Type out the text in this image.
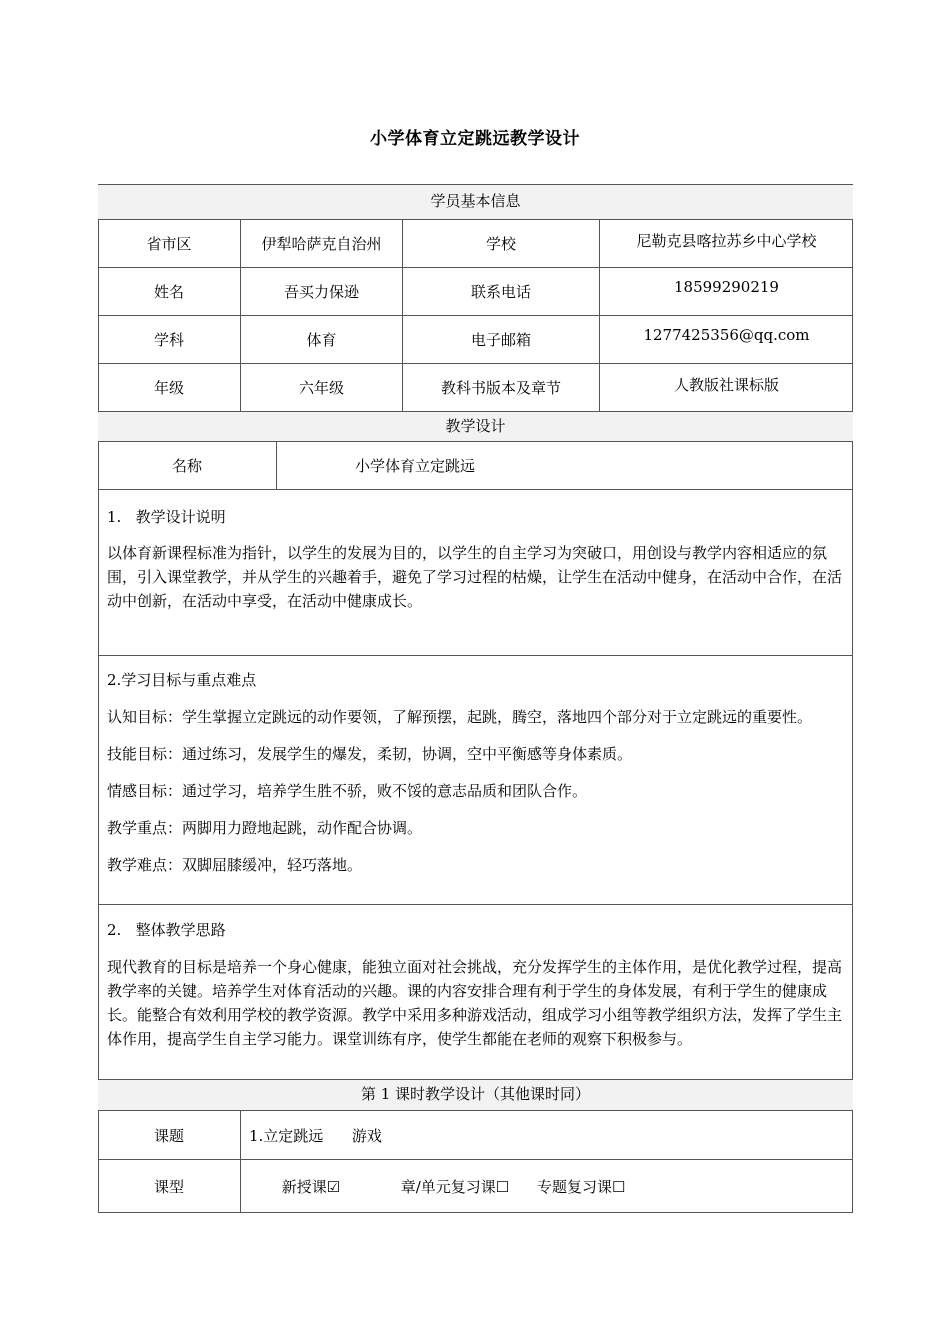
小学体育立定跳远教学设计
学员基本信息
省市区	伊犁哈萨克自治州	学校	尼勒克县喀拉苏乡中心学校
姓名	吾买力保逊	联系电话	18599290219
学科	体育	电子邮箱	1277425356@qq.com
年级	六年级	教科书版本及章节	人教版社课标版
教学设计
名称	小学体育立定跳远

1.   教学设计说明

以体育新课程标准为指针，以学生的发展为目的，以学生的自主学习为突破口，用创设与教学内容相适应的氛围，引入课堂教学，并从学生的兴趣着手，避免了学习过程的枯燥，让学生在活动中健身，在活动中合作，在活动中创新，在活动中享受，在活动中健康成长。

2.学习目标与重点难点

认知目标：学生掌握立定跳远的动作要领，了解预摆，起跳，腾空，落地四个部分对于立定跳远的重要性。

技能目标：通过练习，发展学生的爆发，柔韧，协调，空中平衡感等身体素质。

情感目标：通过学习，培养学生胜不骄，败不馁的意志品质和团队合作。

教学重点：两脚用力蹬地起跳，动作配合协调。

教学难点：双脚屈膝缓冲，轻巧落地。

2.   整体教学思路

现代教育的目标是培养一个身心健康，能独立面对社会挑战，充分发挥学生的主体作用，是优化教学过程，提高教学率的关键。培养学生对体育活动的兴趣。课的内容安排合理有利于学生的身体发展，有利于学生的健康成长。能整合有效利用学校的教学资源。教学中采用多种游戏活动，组成学习小组等教学组织方法，发挥了学生主体作用，提高学生自主学习能力。课堂训练有序，使学生都能在老师的观察下积极参与。

第 1 课时教学设计（其他课时同）
课题	1.立定跳远      游戏
课型	新授课☑	章/单元复习课☐	专题复习课☐
